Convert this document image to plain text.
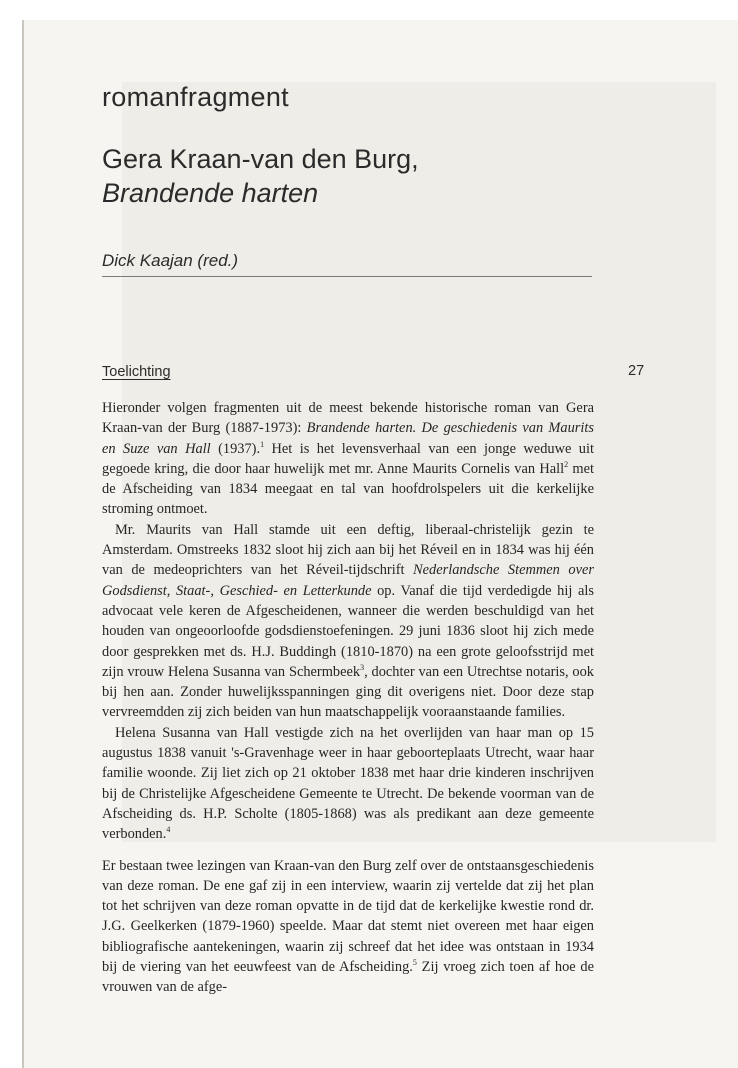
romanfragment
Gera Kraan-van den Burg,

Brandende harten
Dick Kaajan (red.)
Toelichting	27

Hieronder volgen fragmenten uit de meest bekende historische roman van Gera Kraan-van der Burg (1887-1973): Brandende harten. De geschiedenis van Maurits en Suze van Hall (1937).$^1$ Het is het levensverhaal van een jonge weduwe uit gegoede kring, die door haar huwelijk met mr. Anne Maurits Cornelis van Hall$^2$ met de Afscheiding van 1834 meegaat en tal van hoofdrolspelers uit die kerkelijke stroming ontmoet.

Mr. Maurits van Hall stamde uit een deftig, liberaal-christelijk gezin te Amsterdam. Omstreeks 1832 sloot hij zich aan bij het Réveil en in 1834 was hij één van de medeoprichters van het Réveil-tijdschrift Nederlandsche Stemmen over Godsdienst, Staat-, Geschied- en Letterkunde op. Vanaf die tijd verdedigde hij als advocaat vele keren de Afgescheidenen, wanneer die werden beschuldigd van het houden van ongeoorloofde godsdienstoefeningen. 29 juni 1836 sloot hij zich mede door gesprekken met ds. H.J. Buddingh (1810-1870) na een grote geloofsstrijd met zijn vrouw Helena Susanna van Schermbeek$^3$, dochter van een Utrechtse notaris, ook bij hen aan. Zonder huwelijksspanningen ging dit overigens niet. Door deze stap vervreemdden zij zich beiden van hun maatschappelijk vooraanstaande families.

Helena Susanna van Hall vestigde zich na het overlijden van haar man op 15 augustus 1838 vanuit 's-Gravenhage weer in haar geboorteplaats Utrecht, waar haar familie woonde. Zij liet zich op 21 oktober 1838 met haar drie kinderen inschrijven bij de Christelijke Afgescheidene Gemeente te Utrecht. De bekende voorman van de Afscheiding ds. H.P. Scholte (1805-1868) was als predikant aan deze gemeente verbonden.$^4$

Er bestaan twee lezingen van Kraan-van den Burg zelf over de ontstaansgeschiedenis van deze roman. De ene gaf zij in een interview, waarin zij vertelde dat zij het plan tot het schrijven van deze roman opvatte in de tijd dat de kerkelijke kwestie rond dr. J.G. Geelkerken (1879-1960) speelde. Maar dat stemt niet overeen met haar eigen bibliografische aantekeningen, waarin zij schreef dat het idee was ontstaan in 1934 bij de viering van het eeuwfeest van de Afscheiding.$^5$ Zij vroeg zich toen af hoe de vrouwen van de afge-
